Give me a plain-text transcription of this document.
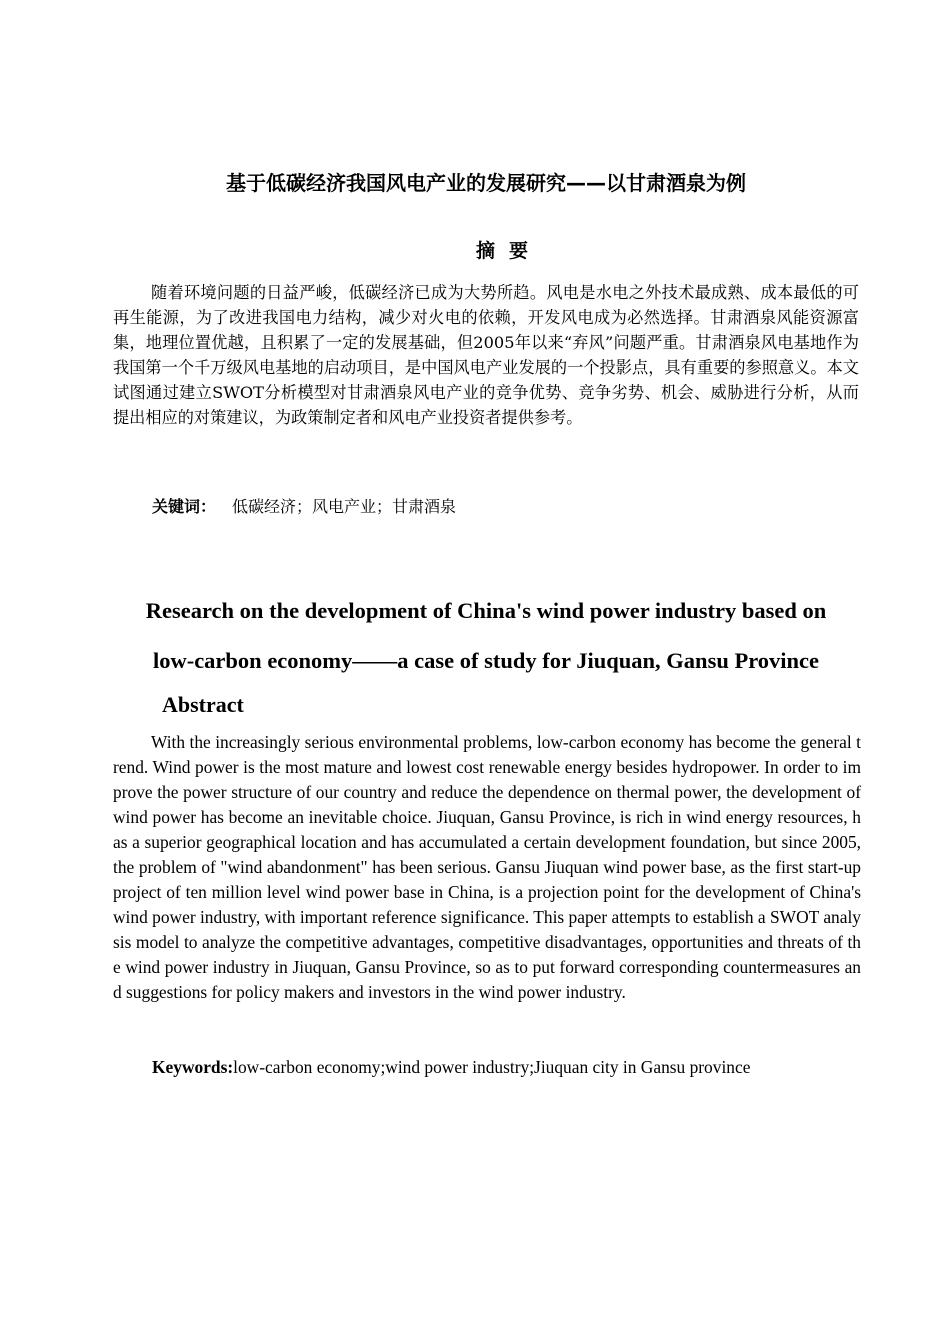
基于低碳经济我国风电产业的发展研究——以甘肃酒泉为例
摘要

随着环境问题的日益严峻，低碳经济已成为大势所趋。风电是水电之外技术最成熟、成本最低的可再生能源，为了改进我国电力结构，减少对火电的依赖，开发风电成为必然选择。甘肃酒泉风能资源富集，地理位置优越，且积累了一定的发展基础，但2005年以来“弃风”问题严重。甘肃酒泉风电基地作为我国第一个千万级风电基地的启动项目，是中国风电产业发展的一个投影点，具有重要的参照意义。本文试图通过建立SWOT分析模型对甘肃酒泉风电产业的竞争优势、竞争劣势、机会、威胁进行分析，从而提出相应的对策建议，为政策制定者和风电产业投资者提供参考。

关键词： 低碳经济；风电产业；甘肃酒泉

Research on the development of China's wind power industry based on
low-carbon economy——a case of study for Jiuquan, Gansu Province
Abstract

With the increasingly serious environmental problems, low-carbon economy has become the general trend. Wind power is the most mature and lowest cost renewable energy besides hydropower. In order to improve the power structure of our country and reduce the dependence on thermal power, the development of wind power has become an inevitable choice. Jiuquan, Gansu Province, is rich in wind energy resources, has a superior geographical location and has accumulated a certain development foundation, but since 2005, the problem of "wind abandonment" has been serious. Gansu Jiuquan wind power base, as the first start-up project of ten million level wind power base in China, is a projection point for the development of China's wind power industry, with important reference significance. This paper attempts to establish a SWOT analysis model to analyze the competitive advantages, competitive disadvantages, opportunities and threats of the wind power industry in Jiuquan, Gansu Province, so as to put forward corresponding countermeasures and suggestions for policy makers and investors in the wind power industry.

Keywords:low-carbon economy;wind power industry;Jiuquan city in Gansu province
